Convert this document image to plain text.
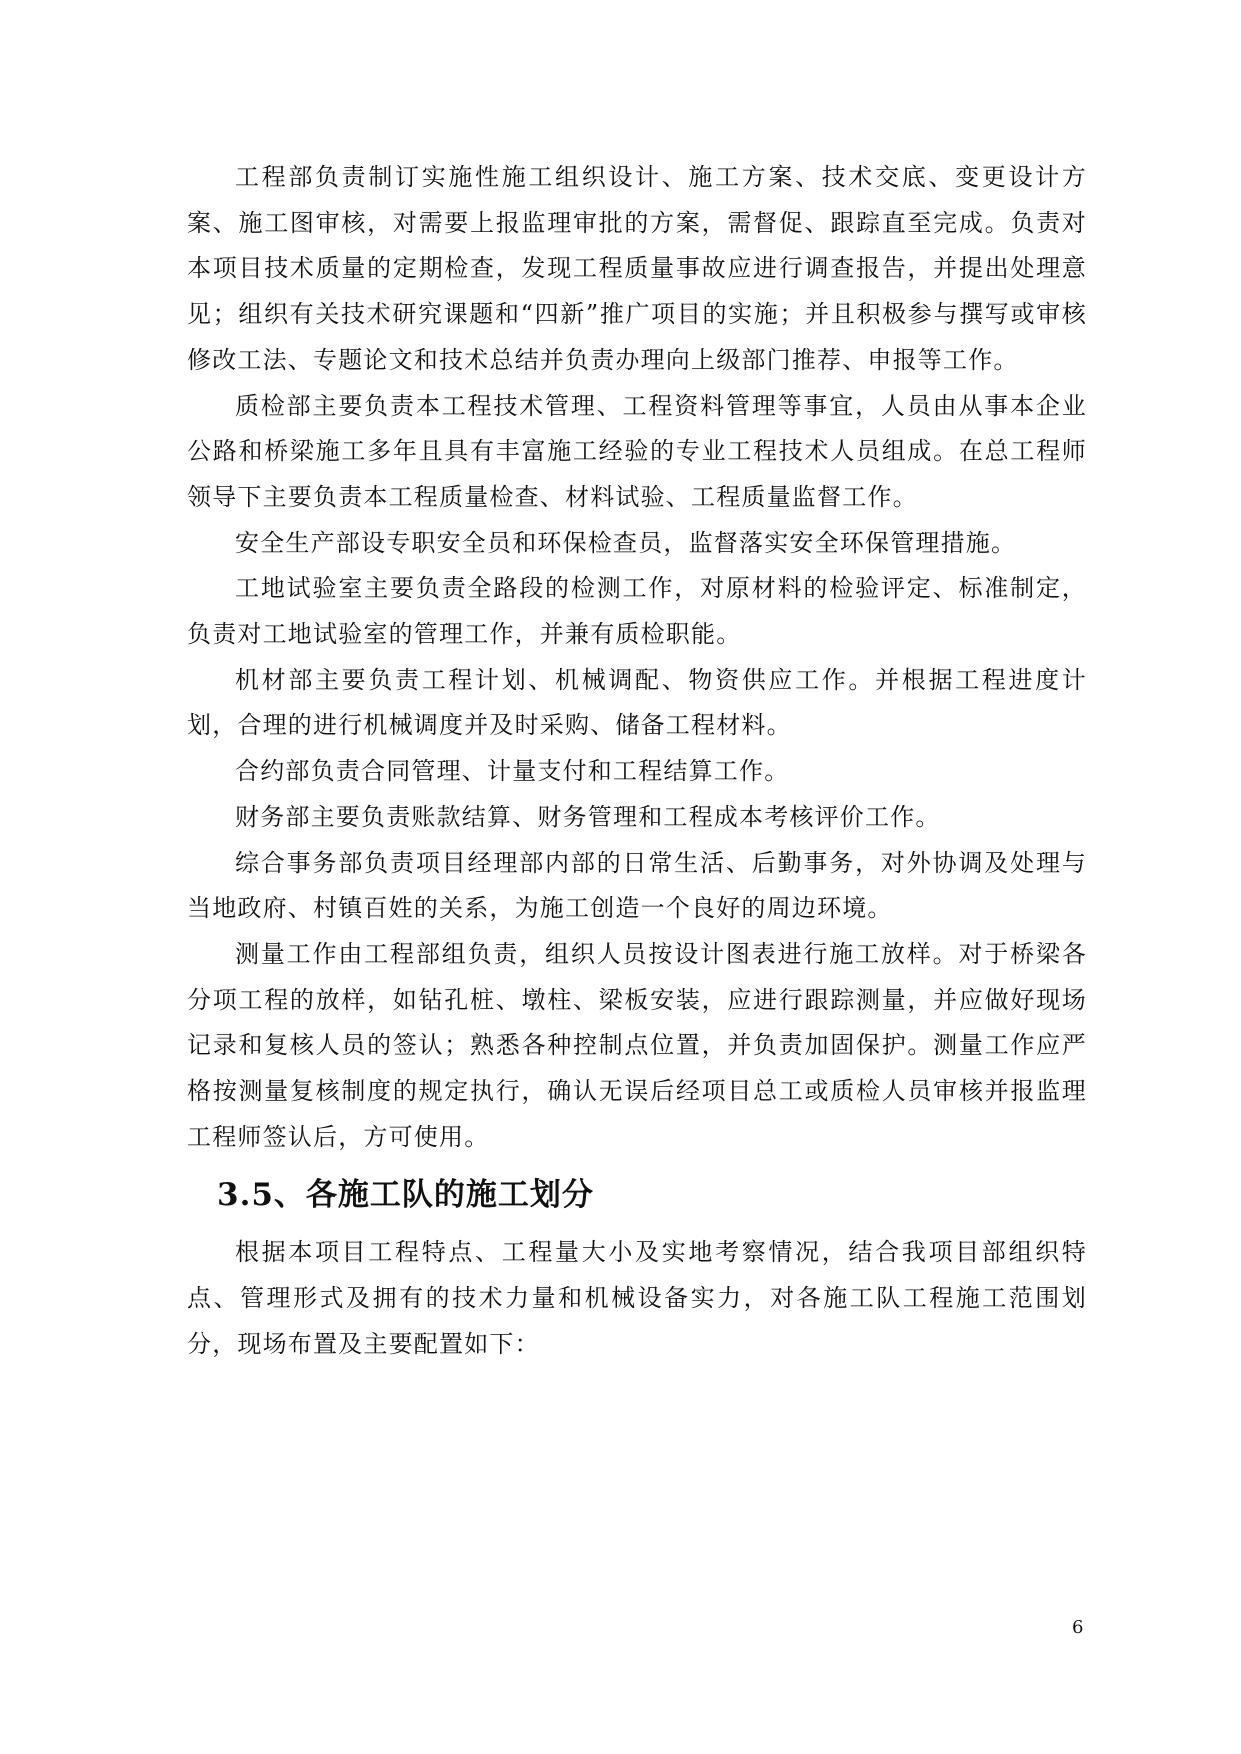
工程部负责制订实施性施工组织设计、施工方案、技术交底、变更设计方案、施工图审核，对需要上报监理审批的方案，需督促、跟踪直至完成。负责对本项目技术质量的定期检查，发现工程质量事故应进行调查报告，并提出处理意见；组织有关技术研究课题和“四新”推广项目的实施；并且积极参与撰写或审核修改工法、专题论文和技术总结并负责办理向上级部门推荐、申报等工作。

质检部主要负责本工程技术管理、工程资料管理等事宜，人员由从事本企业公路和桥梁施工多年且具有丰富施工经验的专业工程技术人员组成。在总工程师领导下主要负责本工程质量检查、材料试验、工程质量监督工作。

安全生产部设专职安全员和环保检查员，监督落实安全环保管理措施。

工地试验室主要负责全路段的检测工作，对原材料的检验评定、标准制定，负责对工地试验室的管理工作，并兼有质检职能。

机材部主要负责工程计划、机械调配、物资供应工作。并根据工程进度计划，合理的进行机械调度并及时采购、储备工程材料。

合约部负责合同管理、计量支付和工程结算工作。

财务部主要负责账款结算、财务管理和工程成本考核评价工作。

综合事务部负责项目经理部内部的日常生活、后勤事务，对外协调及处理与当地政府、村镇百姓的关系，为施工创造一个良好的周边环境。

测量工作由工程部组负责，组织人员按设计图表进行施工放样。对于桥梁各分项工程的放样，如钻孔桩、墩柱、梁板安装，应进行跟踪测量，并应做好现场记录和复核人员的签认；熟悉各种控制点位置，并负责加固保护。测量工作应严格按测量复核制度的规定执行，确认无误后经项目总工或质检人员审核并报监理工程师签认后，方可使用。

3.5、各施工队的施工划分

根据本项目工程特点、工程量大小及实地考察情况，结合我项目部组织特点、管理形式及拥有的技术力量和机械设备实力，对各施工队工程施工范围划分，现场布置及主要配置如下：

6
